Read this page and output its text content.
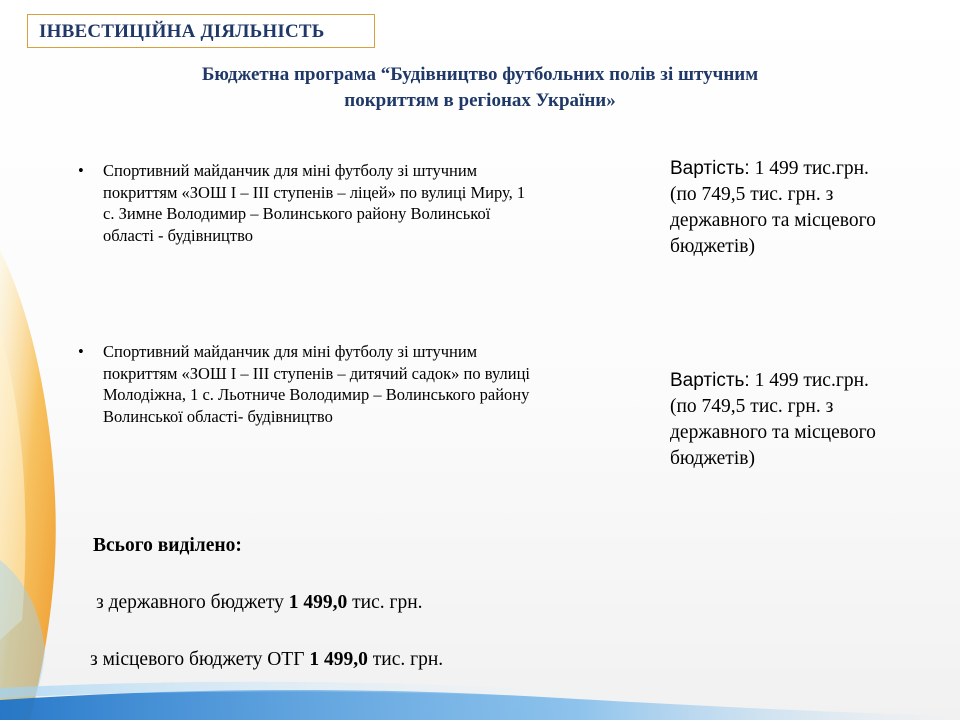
ІНВЕСТИЦІЙНА ДІЯЛЬНІСТЬ
Бюджетна програма “Будівництво футбольних полів зі штучним
покриттям в регіонах України»
• Спортивний майданчик для міні футболу зі штучним
покриттям «ЗОШ І – ІІІ ступенів – ліцей» по вулиці Миру, 1
с. Зимне Володимир – Волинського району Волинської
області - будівництво
Вартість: 1 499 тис.грн.
(по 749,5 тис. грн. з
державного та місцевого
бюджетів)
• Спортивний майданчик для міні футболу зі штучним
покриттям «ЗОШ І – ІІІ ступенів – дитячий садок» по вулиці
Молодіжна, 1 с. Льотниче Володимир – Волинського району
Волинської області- будівництво
Вартість: 1 499 тис.грн.
(по 749,5 тис. грн. з
державного та місцевого
бюджетів)
Всього виділено:
з державного бюджету 1 499,0 тис. грн.
з місцевого бюджету ОТГ 1 499,0 тис. грн.
